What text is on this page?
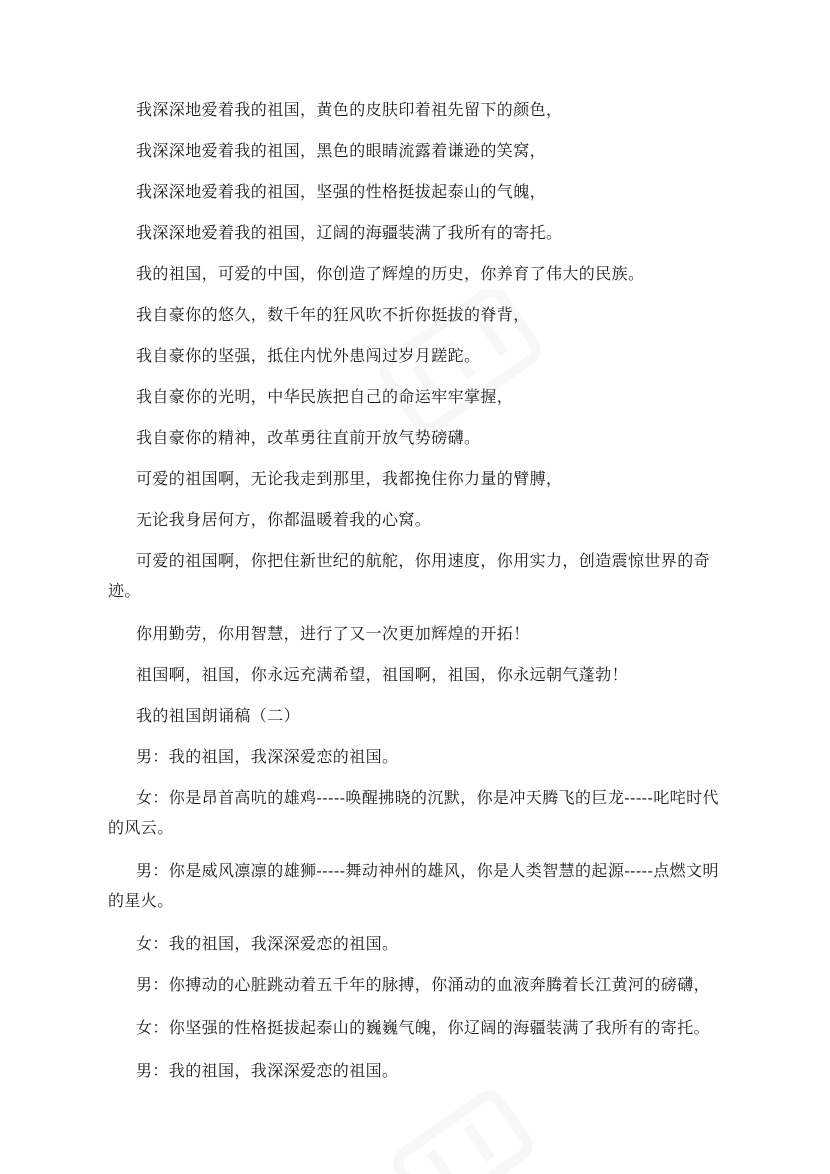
我深深地爱着我的祖国，黄色的皮肤印着祖先留下的颜色，

我深深地爱着我的祖国，黑色的眼睛流露着谦逊的笑窝，

我深深地爱着我的祖国，坚强的性格挺拔起泰山的气魄，

我深深地爱着我的祖国，辽阔的海疆装满了我所有的寄托。

我的祖国，可爱的中国，你创造了辉煌的历史，你养育了伟大的民族。

我自豪你的悠久，数千年的狂风吹不折你挺拔的脊背，

我自豪你的坚强，抵住内忧外患闯过岁月蹉跎。

我自豪你的光明，中华民族把自己的命运牢牢掌握，

我自豪你的精神，改革勇往直前开放气势磅礴。

可爱的祖国啊，无论我走到那里，我都挽住你力量的臂膊，

无论我身居何方，你都温暖着我的心窝。

可爱的祖国啊，你把住新世纪的航舵，你用速度，你用实力，创造震惊世界的奇迹。

你用勤劳，你用智慧，进行了又一次更加辉煌的开拓！

祖国啊，祖国，你永远充满希望，祖国啊，祖国，你永远朝气蓬勃！

我的祖国朗诵稿（二）

男：我的祖国，我深深爱恋的祖国。

女：你是昂首高吭的雄鸡-----唤醒拂晓的沉默，你是冲天腾飞的巨龙-----叱咤时代的风云。

男：你是威风凛凛的雄狮-----舞动神州的雄风，你是人类智慧的起源-----点燃文明的星火。

女：我的祖国，我深深爱恋的祖国。

男：你搏动的心脏跳动着五千年的脉搏，你涌动的血液奔腾着长江黄河的磅礴，

女：你坚强的性格挺拔起泰山的巍巍气魄，你辽阔的海疆装满了我所有的寄托。

男：我的祖国，我深深爱恋的祖国。
